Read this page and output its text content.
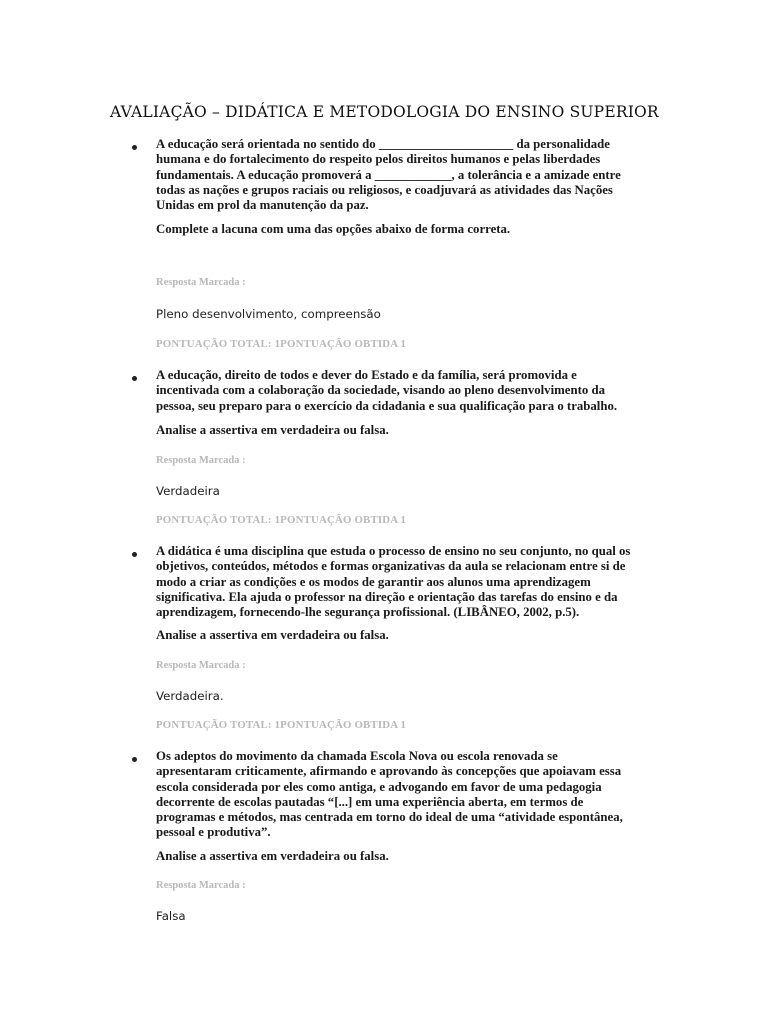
AVALIAÇÃO – DIDÁTICA E METODOLOGIA DO ENSINO SUPERIOR

A educação será orientada no sentido do _____________________ da personalidade humana e do fortalecimento do respeito pelos direitos humanos e pelas liberdades fundamentais. A educação promoverá a ____________, a tolerância e a amizade entre todas as nações e grupos raciais ou religiosos, e coadjuvará as atividades das Nações Unidas em prol da manutenção da paz.

Complete a lacuna com uma das opções abaixo de forma correta.

Resposta Marcada :

Pleno desenvolvimento, compreensão

PONTUAÇÃO TOTAL: 1PONTUAÇÃO OBTIDA 1

A educação, direito de todos e dever do Estado e da família, será promovida e incentivada com a colaboração da sociedade, visando ao pleno desenvolvimento da pessoa, seu preparo para o exercício da cidadania e sua qualificação para o trabalho.

Analise a assertiva em verdadeira ou falsa.

Resposta Marcada :

Verdadeira

PONTUAÇÃO TOTAL: 1PONTUAÇÃO OBTIDA 1

A didática é uma disciplina que estuda o processo de ensino no seu conjunto, no qual os objetivos, conteúdos, métodos e formas organizativas da aula se relacionam entre si de modo a criar as condições e os modos de garantir aos alunos uma aprendizagem significativa. Ela ajuda o professor na direção e orientação das tarefas do ensino e da aprendizagem, fornecendo-lhe segurança profissional. (LIBÂNEO, 2002, p.5).

Analise a assertiva em verdadeira ou falsa.

Resposta Marcada :

Verdadeira.

PONTUAÇÃO TOTAL: 1PONTUAÇÃO OBTIDA 1

Os adeptos do movimento da chamada Escola Nova ou escola renovada se apresentaram criticamente, afirmando e aprovando às concepções que apoiavam essa escola considerada por eles como antiga, e advogando em favor de uma pedagogia decorrente de escolas pautadas “[...] em uma experiência aberta, em termos de programas e métodos, mas centrada em torno do ideal de uma “atividade espontânea, pessoal e produtiva”.

Analise a assertiva em verdadeira ou falsa.

Resposta Marcada :

Falsa
